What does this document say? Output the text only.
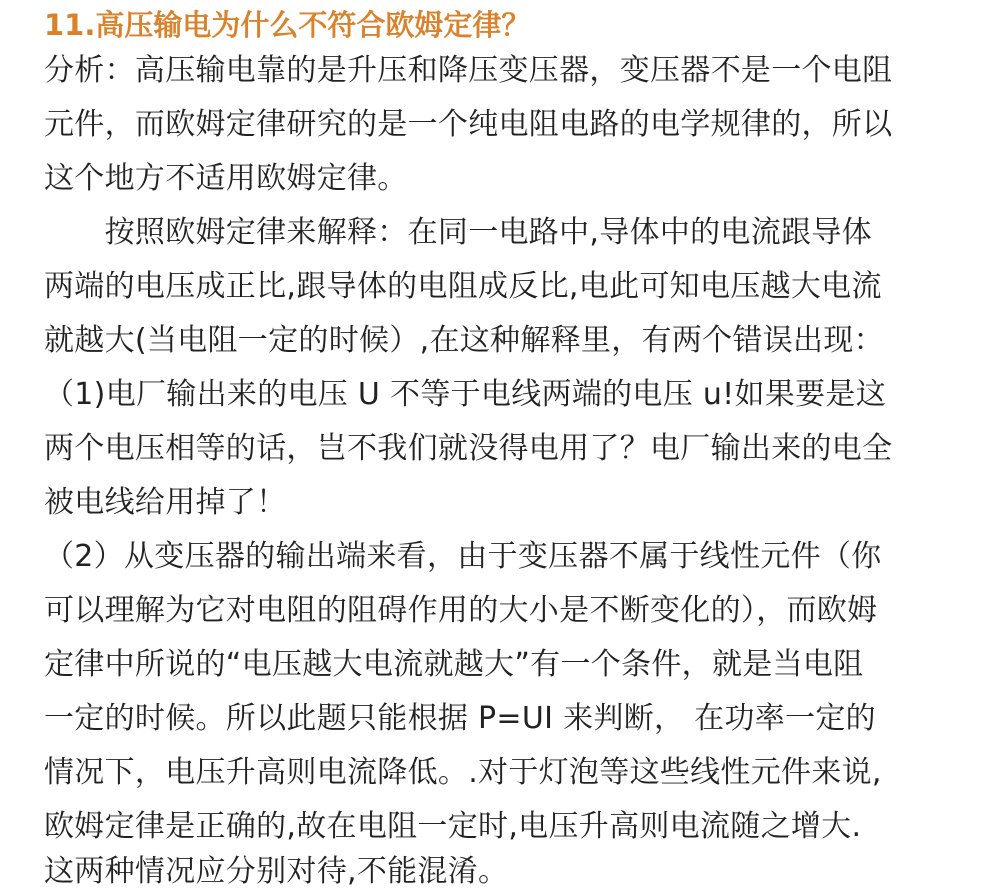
11.高压输电为什么不符合欧姆定律？

分析：高压输电靠的是升压和降压变压器，变压器不是一个电阻

元件，而欧姆定律研究的是一个纯电阻电路的电学规律的，所以

这个地方不适用欧姆定律。

　　按照欧姆定律来解释：在同一电路中,导体中的电流跟导体

两端的电压成正比,跟导体的电阻成反比,电此可知电压越大电流

就越大(当电阻一定的时候）,在这种解释里，有两个错误出现：

（1)电厂输出来的电压 U 不等于电线两端的电压 u!如果要是这

两个电压相等的话，岂不我们就没得电用了？电厂输出来的电全

被电线给用掉了！

（2）从变压器的输出端来看，由于变压器不属于线性元件（你

可以理解为它对电阻的阻碍作用的大小是不断变化的），而欧姆

定律中所说的“电压越大电流就越大”有一个条件，就是当电阻

一定的时候。所以此题只能根据 P=UI 来判断， 在功率一定的

情况下，电压升高则电流降低。.对于灯泡等这些线性元件来说,

欧姆定律是正确的,故在电阻一定时,电压升高则电流随之增大.

这两种情况应分别对待,不能混淆。
